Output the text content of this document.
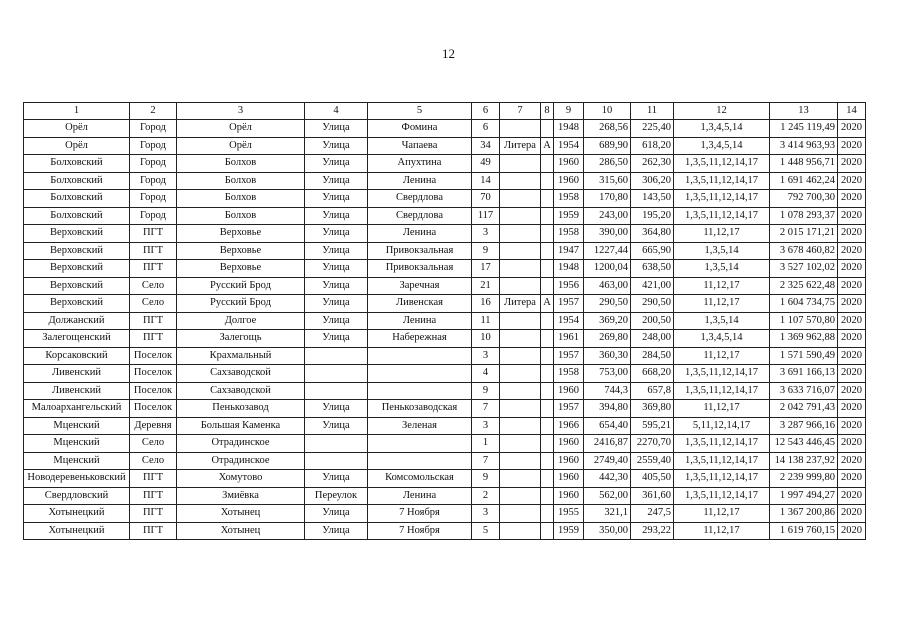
12
1	2	3	4	5	6	7	8	9	10	11	12	13	14
Орёл	Город	Орёл	Улица	Фомина	6			1948	268,56	225,40	1,3,4,5,14	1 245 119,49	2020
Орёл	Город	Орёл	Улица	Чапаева	34	Литера	А	1954	689,90	618,20	1,3,4,5,14	3 414 963,93	2020
Болховский	Город	Болхов	Улица	Апухтина	49			1960	286,50	262,30	1,3,5,11,12,14,17	1 448 956,71	2020
Болховский	Город	Болхов	Улица	Ленина	14			1960	315,60	306,20	1,3,5,11,12,14,17	1 691 462,24	2020
Болховский	Город	Болхов	Улица	Свердлова	70			1958	170,80	143,50	1,3,5,11,12,14,17	792 700,30	2020
Болховский	Город	Болхов	Улица	Свердлова	117			1959	243,00	195,20	1,3,5,11,12,14,17	1 078 293,37	2020
Верховский	ПГТ	Верховье	Улица	Ленина	3			1958	390,00	364,80	11,12,17	2 015 171,21	2020
Верховский	ПГТ	Верховье	Улица	Привокзальная	9			1947	1227,44	665,90	1,3,5,14	3 678 460,82	2020
Верховский	ПГТ	Верховье	Улица	Привокзальная	17			1948	1200,04	638,50	1,3,5,14	3 527 102,02	2020
Верховский	Село	Русский Брод	Улица	Заречная	21			1956	463,00	421,00	11,12,17	2 325 622,48	2020
Верховский	Село	Русский Брод	Улица	Ливенская	16	Литера	А	1957	290,50	290,50	11,12,17	1 604 734,75	2020
Должанский	ПГТ	Долгое	Улица	Ленина	11			1954	369,20	200,50	1,3,5,14	1 107 570,80	2020
Залегощенский	ПГТ	Залегощь	Улица	Набережная	10			1961	269,80	248,00	1,3,4,5,14	1 369 962,88	2020
Корсаковский	Поселок	Крахмальный			3			1957	360,30	284,50	11,12,17	1 571 590,49	2020
Ливенский	Поселок	Сахзаводской			4			1958	753,00	668,20	1,3,5,11,12,14,17	3 691 166,13	2020
Ливенский	Поселок	Сахзаводской			9			1960	744,3	657,8	1,3,5,11,12,14,17	3 633 716,07	2020
Малоархангельский	Поселок	Пенькозавод	Улица	Пенькозаводская	7			1957	394,80	369,80	11,12,17	2 042 791,43	2020
Мценский	Деревня	Большая Каменка	Улица	Зеленая	3			1966	654,40	595,21	5,11,12,14,17	3 287 966,16	2020
Мценский	Село	Отрадинское			1			1960	2416,87	2270,70	1,3,5,11,12,14,17	12 543 446,45	2020
Мценский	Село	Отрадинское			7			1960	2749,40	2559,40	1,3,5,11,12,14,17	14 138 237,92	2020
Новодеревеньковский	ПГТ	Хомутово	Улица	Комсомольская	9			1960	442,30	405,50	1,3,5,11,12,14,17	2 239 999,80	2020
Свердловский	ПГТ	Змиёвка	Переулок	Ленина	2			1960	562,00	361,60	1,3,5,11,12,14,17	1 997 494,27	2020
Хотынецкий	ПГТ	Хотынец	Улица	7 Ноября	3			1955	321,1	247,5	11,12,17	1 367 200,86	2020
Хотынецкий	ПГТ	Хотынец	Улица	7 Ноября	5			1959	350,00	293,22	11,12,17	1 619 760,15	2020
